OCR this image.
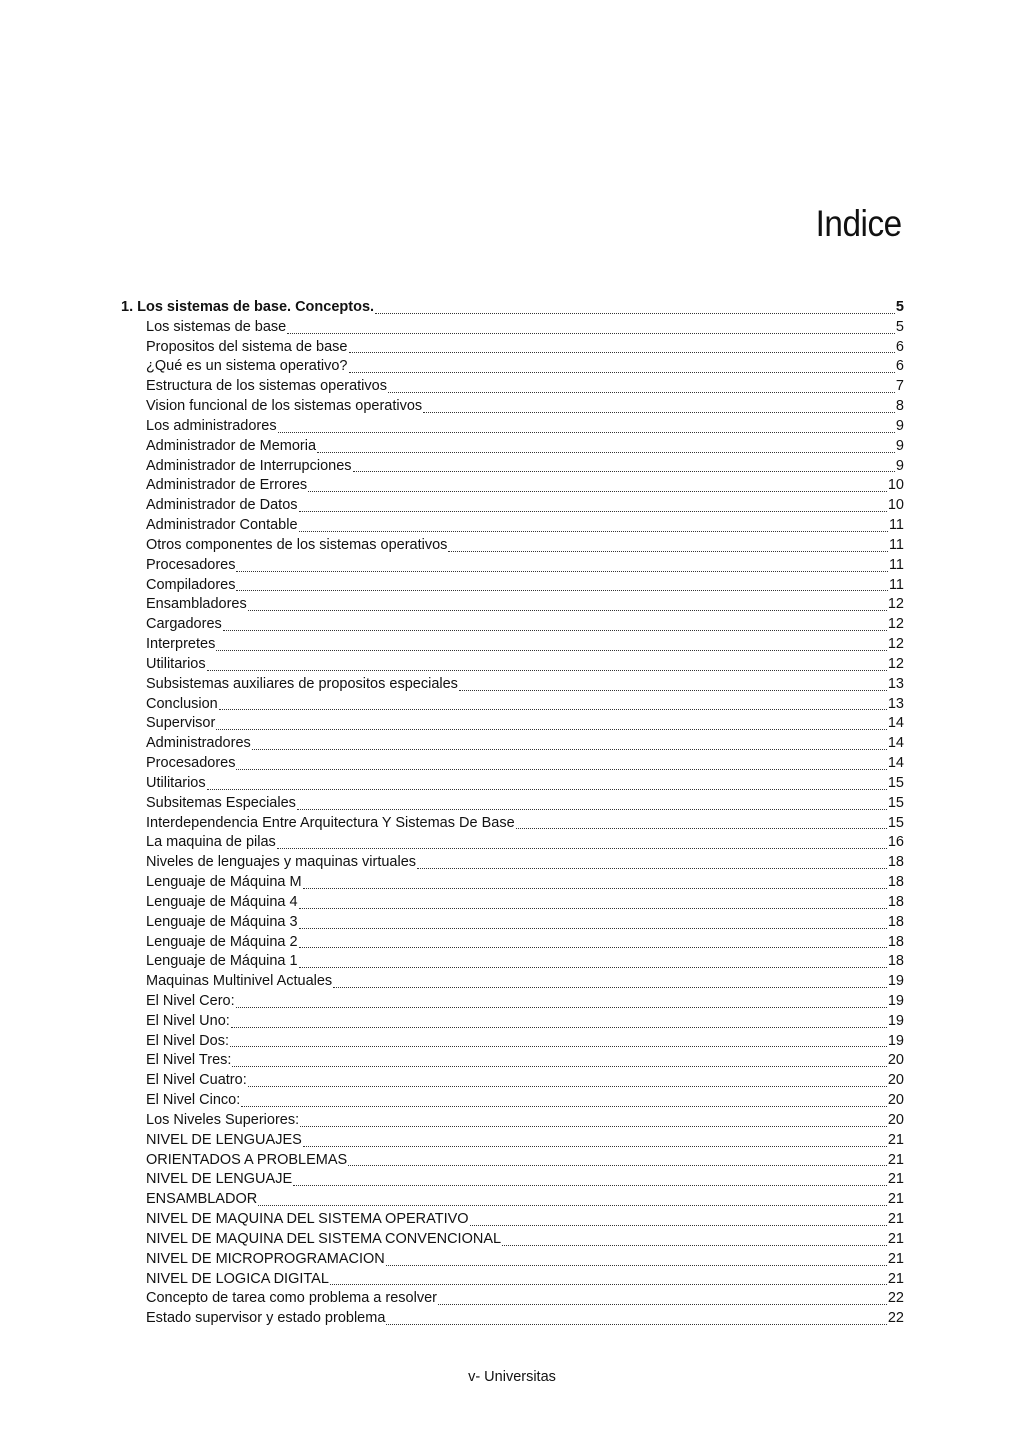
Indice
1. Los sistemas de base. Conceptos.	5
Los sistemas de base	5
Propositos del sistema de base	6
¿Qué es un sistema operativo?	6
Estructura de los sistemas operativos	7
Vision funcional de los sistemas operativos	8
Los administradores	9
Administrador de Memoria	9
Administrador de Interrupciones	9
Administrador de Errores	10
Administrador de Datos	10
Administrador Contable	11
Otros componentes de los sistemas operativos	11
Procesadores	11
Compiladores	11
Ensambladores	12
Cargadores	12
Interpretes	12
Utilitarios	12
Subsistemas auxiliares de propositos especiales	13
Conclusion	13
Supervisor	14
Administradores	14
Procesadores	14
Utilitarios	15
Subsitemas Especiales	15
Interdependencia Entre Arquitectura Y Sistemas De Base	15
La maquina de pilas	16
Niveles de lenguajes y maquinas virtuales	18
Lenguaje de Máquina M	18
Lenguaje de Máquina 4	18
Lenguaje de Máquina 3	18
Lenguaje de Máquina 2	18
Lenguaje de Máquina 1	18
Maquinas Multinivel Actuales	19
El Nivel Cero:	19
El Nivel Uno:	19
El Nivel Dos:	19
El Nivel Tres:	20
El Nivel Cuatro:	20
El Nivel Cinco:	20
Los Niveles Superiores:	20
NIVEL DE LENGUAJES	21
ORIENTADOS A PROBLEMAS	21
NIVEL DE LENGUAJE	21
ENSAMBLADOR	21
NIVEL DE MAQUINA DEL SISTEMA OPERATIVO	21
NIVEL DE MAQUINA DEL SISTEMA CONVENCIONAL	21
NIVEL DE MICROPROGRAMACION	21
NIVEL DE LOGICA DIGITAL	21
Concepto de tarea como problema a resolver	22
Estado supervisor y estado problema	22
v- Universitas
